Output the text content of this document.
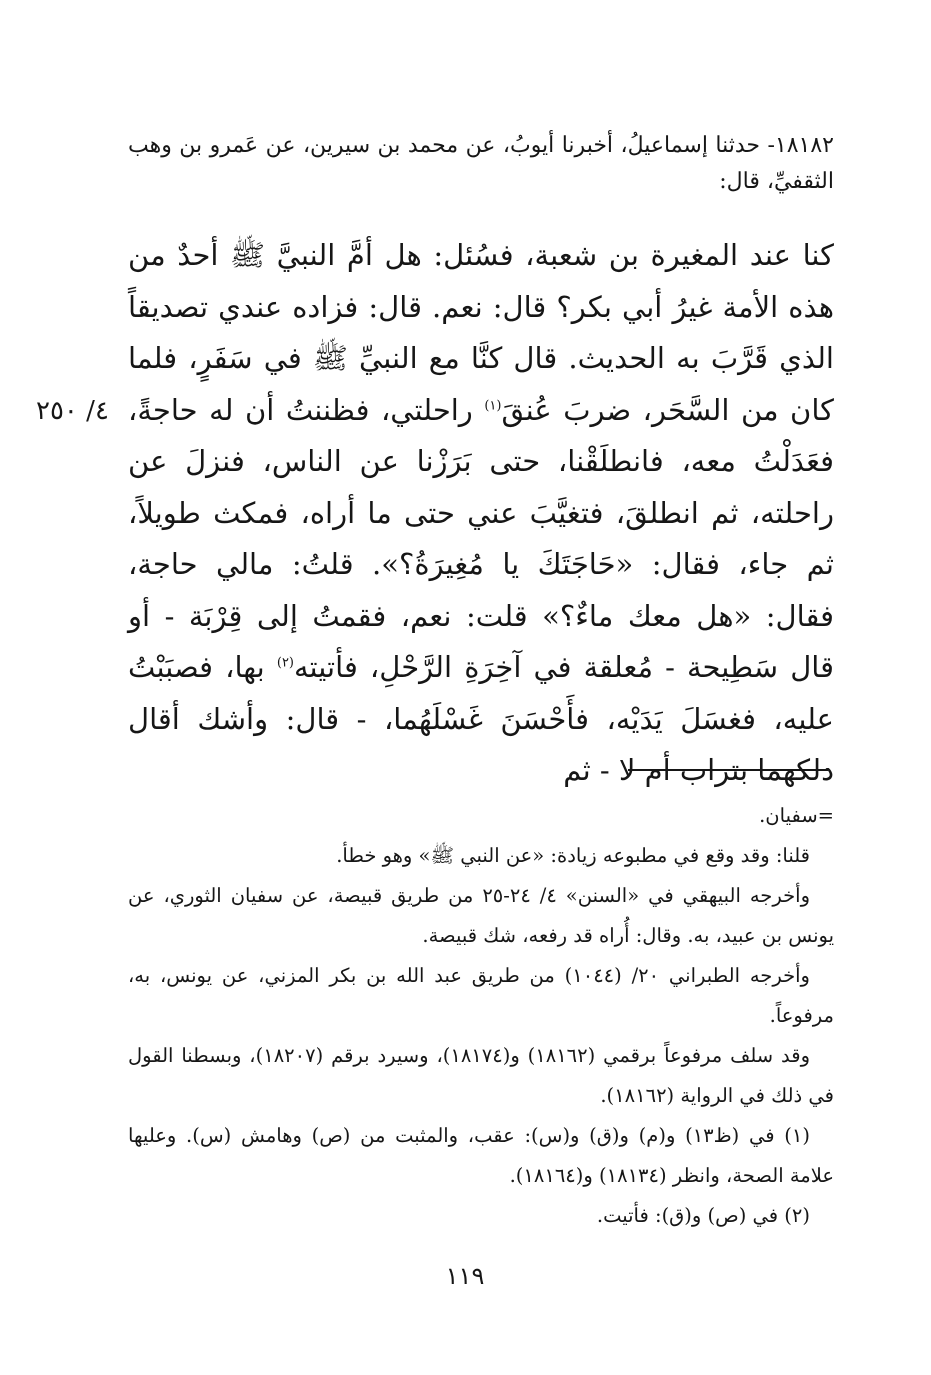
١٨١٨٢- حدثنا إسماعيلُ، أخبرنا أيوبُ، عن محمد بن سيرين، عن عَمرو بن وهب الثقفيِّ، قال:
كنا عند المغيرة بن شعبة، فسُئل: هل أمَّ النبيَّ ﷺ أحدٌ من هذه الأمة غيرُ أبي بكر؟ قال: نعم. قال: فزاده عندي تصديقاً الذي قَرَّبَ به الحديث. قال كنَّا مع النبيِّ ﷺ في سَفَرٍ، فلما كان من السَّحَر، ضربَ عُنقَ$^{(١)}$ راحلتي، فظننتُ أن له حاجةً، فعَدَلْتُ معه، فانطلَقْنا، حتى بَرَزْنا عن الناس، فنزلَ عن راحلته، ثم انطلقَ، فتغيَّبَ عني حتى ما أراه، فمكث طويلاً، ثم جاء، فقال: «حَاجَتَكَ يا مُغِيرَةُ؟». قلتُ: مالي حاجة، فقال: «هل معك ماءٌ؟» قلت: نعم، فقمتُ إلى قِرْبَة - أو قال سَطِيحة - مُعلقة في آخِرَةِ الرَّحْلِ، فأتيته$^{(٢)}$ بها، فصبَبْتُ عليه، فغسَلَ يَدَيْه، فأَحْسَنَ غَسْلَهُما، - قال: وأشك أقال دلكهما بتراب أم لا - ثم
٤/ ٢٥٠

=سفيان.

قلنا: وقد وقع في مطبوعه زيادة: «عن النبي ﷺ» وهو خطأ.

وأخرجه البيهقي في «السنن» ٤/ ٢٤-٢٥ من طريق قبيصة، عن سفيان الثوري، عن يونس بن عبيد، به. وقال: أُراه قد رفعه، شك قبيصة.

وأخرجه الطبراني ٢٠/ (١٠٤٤) من طريق عبد الله بن بكر المزني، عن يونس، به، مرفوعاً.

وقد سلف مرفوعاً برقمي (١٨١٦٢) و(١٨١٧٤)، وسيرد برقم (١٨٢٠٧)، وبسطنا القول في ذلك في الرواية (١٨١٦٢).

(١) في (ظ١٣) و(م) و(ق) و(س): عقب، والمثبت من (ص) وهامش (س). وعليها علامة الصحة، وانظر (١٨١٣٤) و(١٨١٦٤).

(٢) في (ص) و(ق): فأتيت.

١١٩
